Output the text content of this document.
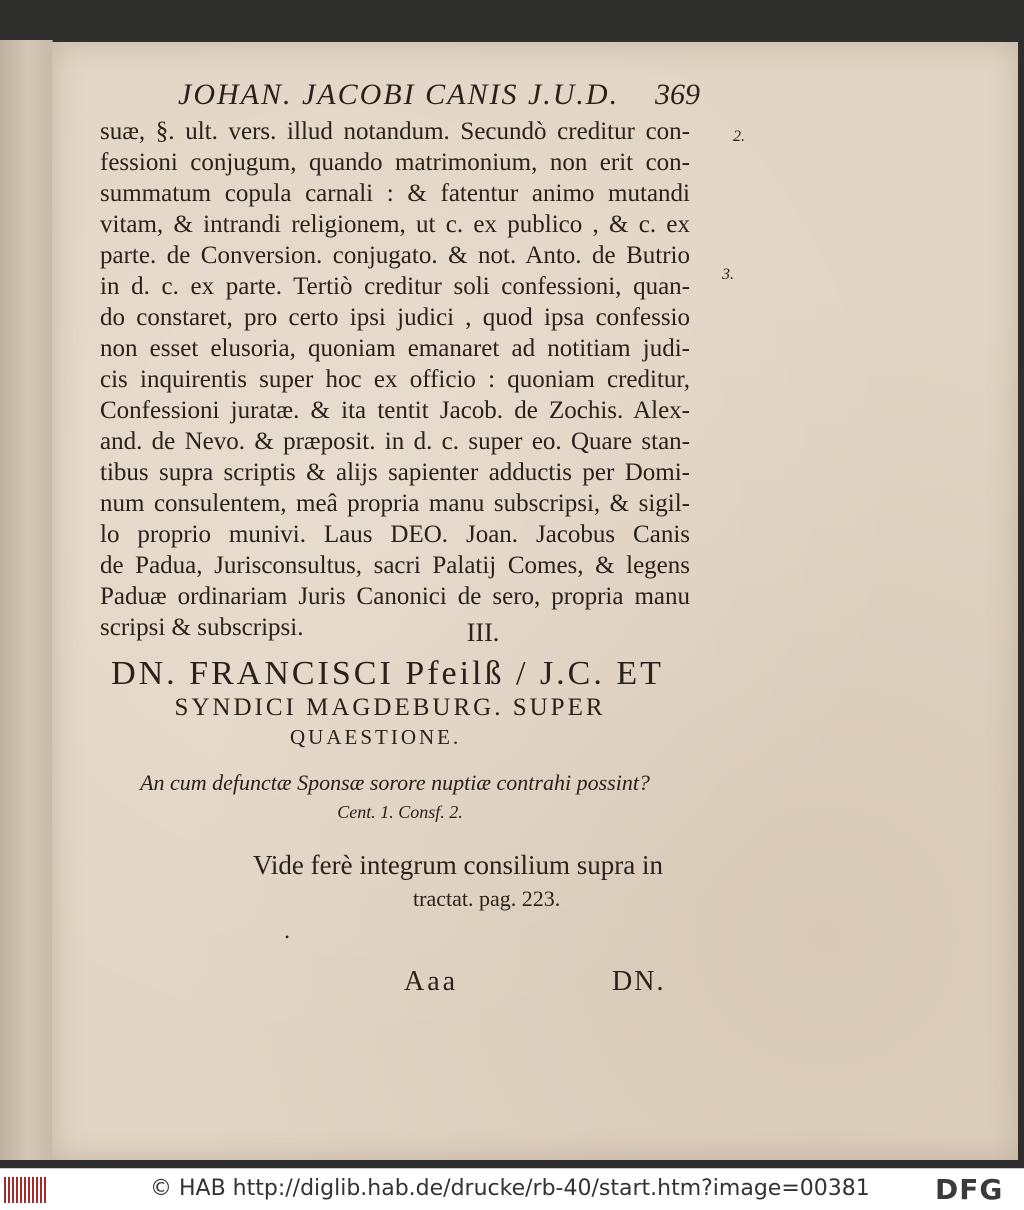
JOHAN. JACOBI CANIS J.U.D.	369
2.
3.
suæ, §. ult. vers. illud notandum. Secundò creditur con-
fessioni conjugum, quando matrimonium, non erit con-
summatum copula carnali : & fatentur animo mutandi
vitam, & intrandi religionem, ut c. ex publico , & c. ex
parte. de Conversion. conjugato. & not. Anto. de Butrio
in d. c. ex parte. Tertiò creditur soli confessioni, quan-
do constaret, pro certo ipsi judici , quod ipsa confessio
non esset elusoria, quoniam emanaret ad notitiam judi-
cis inquirentis super hoc ex officio : quoniam creditur,
Confessioni juratæ. & ita tentit Jacob. de Zochis. Alex-
and. de Nevo. & præposit. in d. c. super eo. Quare stan-
tibus supra scriptis & alijs sapienter adductis per Domi-
num consulentem, meâ propria manu subscripsi, & sigil-
lo proprio munivi. Laus DEO. Joan. Jacobus Canis
de Padua, Jurisconsultus, sacri Palatij Comes, & legens
Paduæ ordinariam Juris Canonici de sero, propria manu
scripsi & subscripsi.	III.
DN. FRANCISCI Pfeilß / J.C. ET
SYNDICI MAGDEBURG. SUPER
QUAESTIONE.
An cum defunctæ Sponsæ sorore nuptiæ contrahi possint?
Cent. 1. Consf. 2.
Vide ferè integrum consilium supra in
tractat. pag. 223.
•
Aaa	DN.
© HAB http://diglib.hab.de/drucke/rb-40/start.htm?image=00381 DFG
